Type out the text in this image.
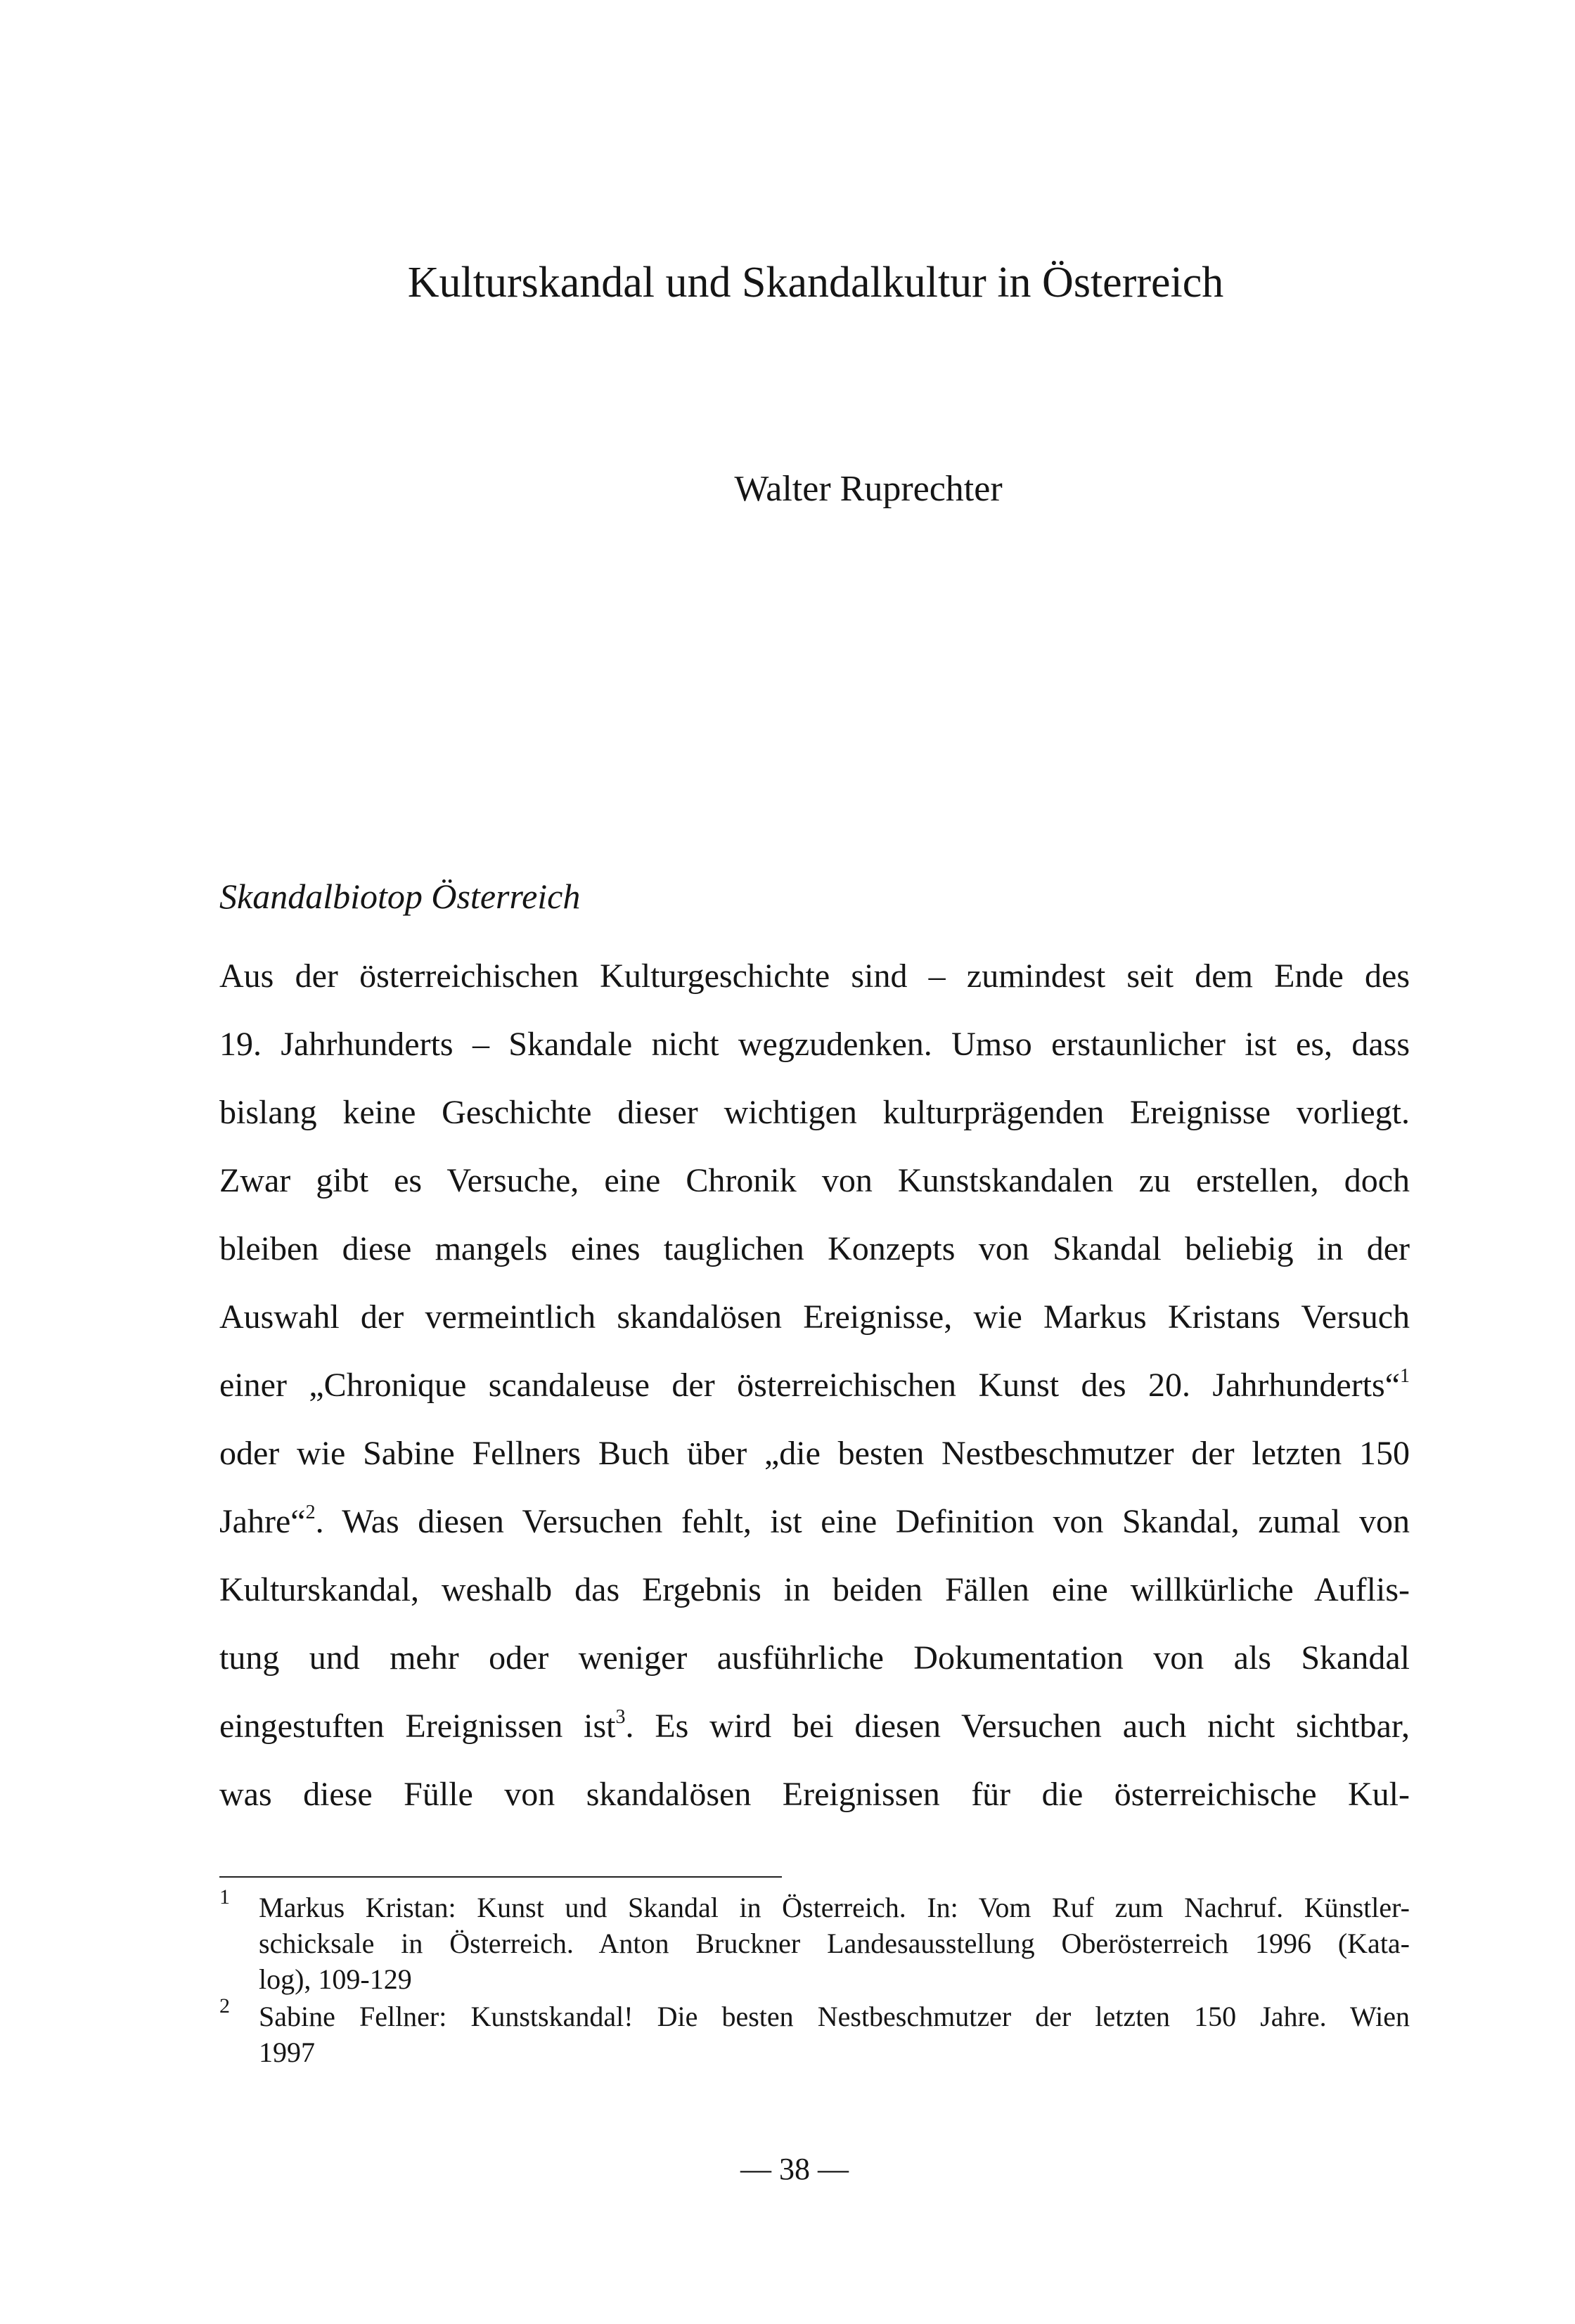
Kulturskandal und Skandalkultur in Österreich
Walter Ruprechter
Skandalbiotop Österreich
Aus der österreichischen Kulturgeschichte sind – zumindest seit dem Ende des
19. Jahrhunderts – Skandale nicht wegzudenken. Umso erstaunlicher ist es, dass
bislang keine Geschichte dieser wichtigen kulturprägenden Ereignisse vorliegt.
Zwar gibt es Versuche, eine Chronik von Kunstskandalen zu erstellen, doch
bleiben diese mangels eines tauglichen Konzepts von Skandal beliebig in der
Auswahl der vermeintlich skandalösen Ereignisse, wie Markus Kristans Versuch
einer „Chronique scandaleuse der österreichischen Kunst des 20. Jahrhunderts“$^1$
oder wie Sabine Fellners Buch über „die besten Nestbeschmutzer der letzten 150
Jahre“$^2$. Was diesen Versuchen fehlt, ist eine Definition von Skandal, zumal von
Kulturskandal, weshalb das Ergebnis in beiden Fällen eine willkürliche Auflis-
tung und mehr oder weniger ausführliche Dokumentation von als Skandal
eingestuften Ereignissen ist$^3$. Es wird bei diesen Versuchen auch nicht sichtbar,
was diese Fülle von skandalösen Ereignissen für die österreichische Kul-
1 Markus Kristan: Kunst und Skandal in Österreich. In: Vom Ruf zum Nachruf. Künstler-
schicksale in Österreich. Anton Bruckner Landesausstellung Oberösterreich 1996 (Kata-
log), 109-129
2 Sabine Fellner: Kunstskandal! Die besten Nestbeschmutzer der letzten 150 Jahre. Wien
1997
— 38 —
